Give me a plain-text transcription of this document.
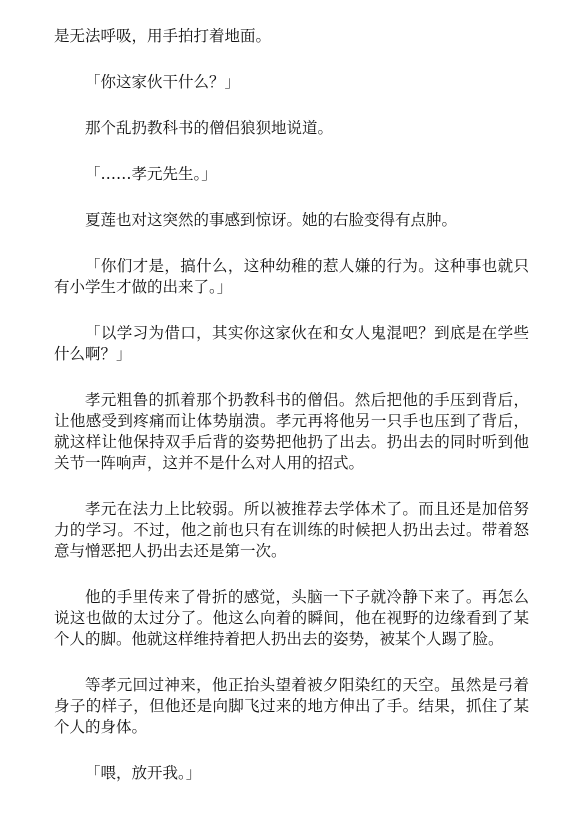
是无法呼吸，用手拍打着地面。

「你这家伙干什么？」

那个乱扔教科书的僧侣狼狈地说道。

「……孝元先生。」

夏莲也对这突然的事感到惊讶。她的右脸变得有点肿。

「你们才是，搞什么，这种幼稚的惹人嫌的行为。这种事也就只有小学生才做的出来了。」

「以学习为借口，其实你这家伙在和女人鬼混吧？到底是在学些什么啊？」

孝元粗鲁的抓着那个扔教科书的僧侣。然后把他的手压到背后，让他感受到疼痛而让体势崩溃。孝元再将他另一只手也压到了背后，就这样让他保持双手后背的姿势把他扔了出去。扔出去的同时听到他关节一阵响声，这并不是什么对人用的招式。

孝元在法力上比较弱。所以被推荐去学体术了。而且还是加倍努力的学习。不过，他之前也只有在训练的时候把人扔出去过。带着怒意与憎恶把人扔出去还是第一次。

他的手里传来了骨折的感觉，头脑一下子就冷静下来了。再怎么说这也做的太过分了。他这么向着的瞬间，他在视野的边缘看到了某个人的脚。他就这样维持着把人扔出去的姿势，被某个人踢了脸。

等孝元回过神来，他正抬头望着被夕阳染红的天空。虽然是弓着身子的样子，但他还是向脚飞过来的地方伸出了手。结果，抓住了某个人的身体。

「喂，放开我。」
